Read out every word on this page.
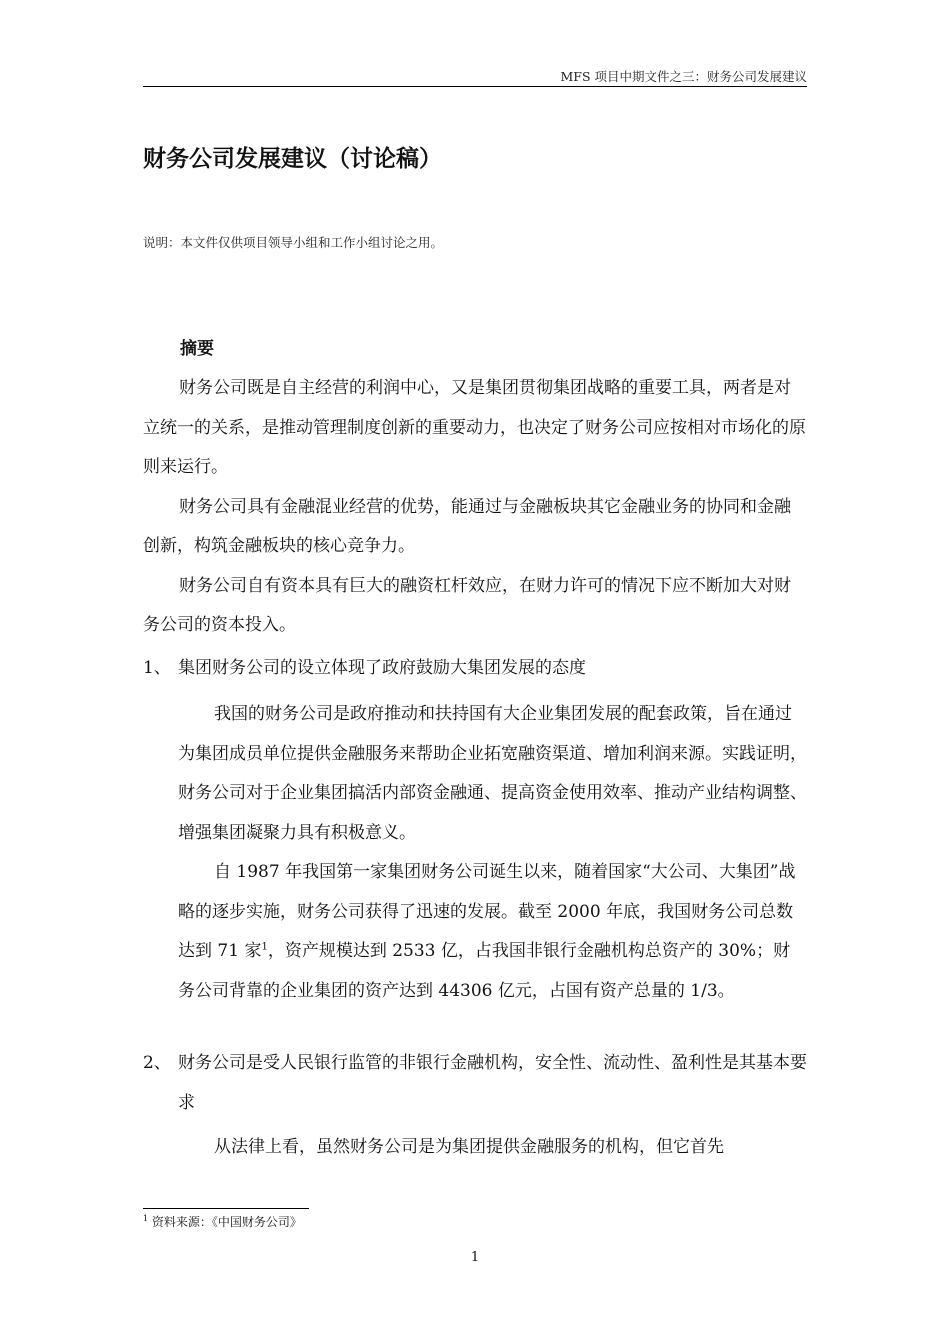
MFS 项目中期文件之三：财务公司发展建议
财务公司发展建议（讨论稿）
说明：本文件仅供项目领导小组和工作小组讨论之用。
摘要

财务公司既是自主经营的利润中心，又是集团贯彻集团战略的重要工具，两者是对立统一的关系，是推动管理制度创新的重要动力，也决定了财务公司应按相对市场化的原则来运行。

财务公司具有金融混业经营的优势，能通过与金融板块其它金融业务的协同和金融创新，构筑金融板块的核心竞争力。

财务公司自有资本具有巨大的融资杠杆效应，在财力许可的情况下应不断加大对财务公司的资本投入。

1、 集团财务公司的设立体现了政府鼓励大集团发展的态度

我国的财务公司是政府推动和扶持国有大企业集团发展的配套政策，旨在通过为集团成员单位提供金融服务来帮助企业拓宽融资渠道、增加利润来源。实践证明，财务公司对于企业集团搞活内部资金融通、提高资金使用效率、推动产业结构调整、增强集团凝聚力具有积极意义。

自 1987 年我国第一家集团财务公司诞生以来，随着国家“大公司、大集团”战略的逐步实施，财务公司获得了迅速的发展。截至 2000 年底，我国财务公司总数达到 71 家$^1$，资产规模达到 2533 亿，占我国非银行金融机构总资产的 30%；财务公司背靠的企业集团的资产达到 44306 亿元，占国有资产总量的 1/3。

2、 财务公司是受人民银行监管的非银行金融机构，安全性、流动性、盈利性是其基本要求

从法律上看，虽然财务公司是为集团提供金融服务的机构，但它首先

$^1$ 资料来源：《中国财务公司》
1
